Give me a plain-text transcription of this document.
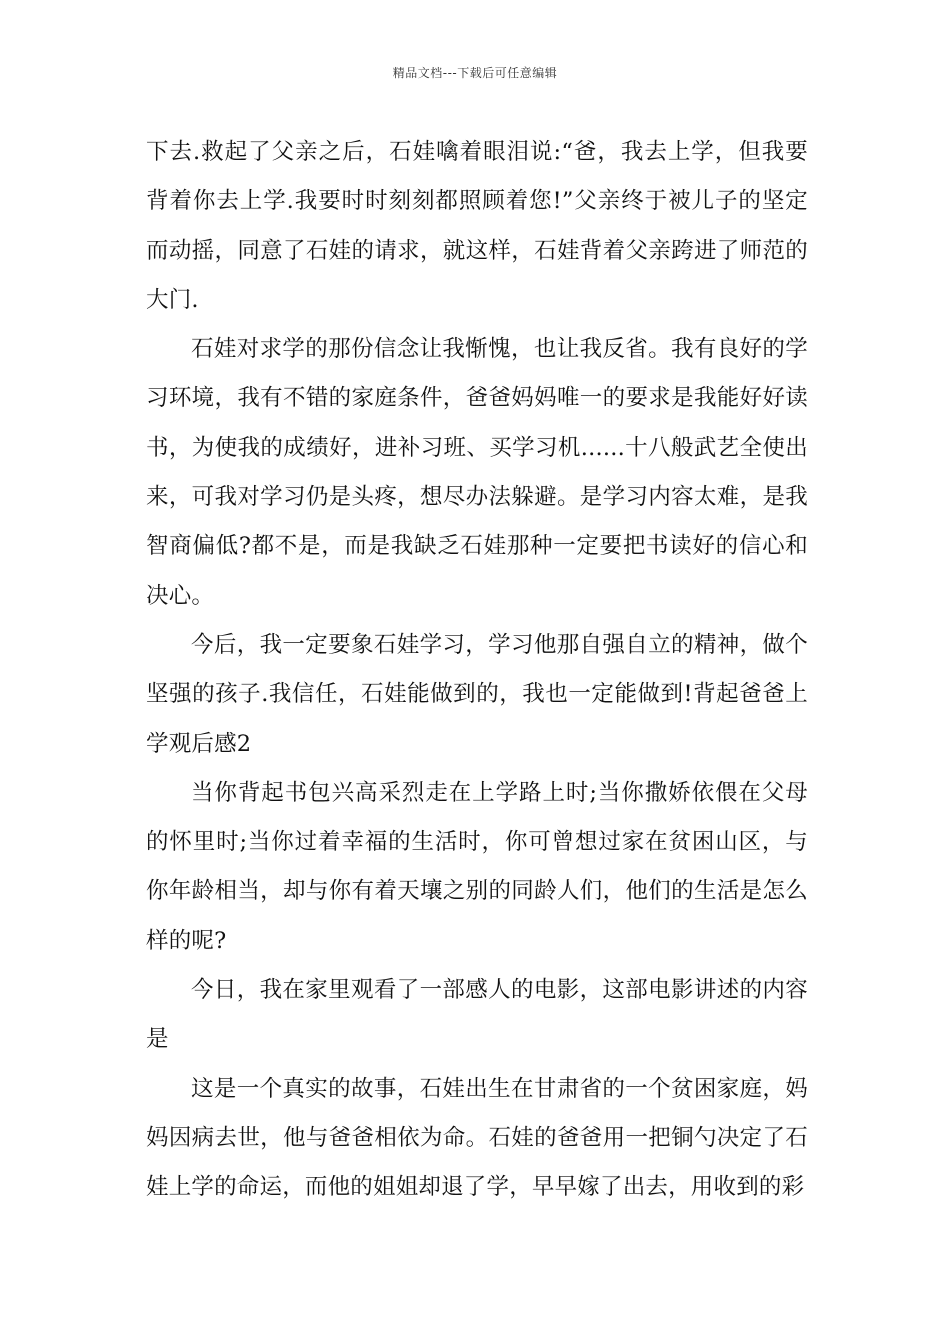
精品文档---下载后可任意编辑

下去.救起了父亲之后，石娃噙着眼泪说:“爸，我去上学，但我要背着你去上学.我要时时刻刻都照顾着您!”父亲终于被儿子的坚定而动摇，同意了石娃的请求，就这样，石娃背着父亲跨进了师范的大门.

石娃对求学的那份信念让我惭愧，也让我反省。我有良好的学习环境，我有不错的家庭条件，爸爸妈妈唯一的要求是我能好好读书，为使我的成绩好，进补习班、买学习机......十八般武艺全使出来，可我对学习仍是头疼，想尽办法躲避。是学习内容太难，是我智商偏低?都不是，而是我缺乏石娃那种一定要把书读好的信心和决心。

今后，我一定要象石娃学习，学习他那自强自立的精神，做个坚强的孩子.我信任，石娃能做到的，我也一定能做到!背起爸爸上学观后感2

当你背起书包兴高采烈走在上学路上时;当你撒娇依偎在父母的怀里时;当你过着幸福的生活时，你可曾想过家在贫困山区，与你年龄相当，却与你有着天壤之别的同龄人们，他们的生活是怎么样的呢?

今日，我在家里观看了一部感人的电影，这部电影讲述的内容是

这是一个真实的故事，石娃出生在甘肃省的一个贫困家庭，妈妈因病去世，他与爸爸相依为命。石娃的爸爸用一把铜勺决定了石娃上学的命运，而他的姐姐却退了学，早早嫁了出去，用收到的彩
